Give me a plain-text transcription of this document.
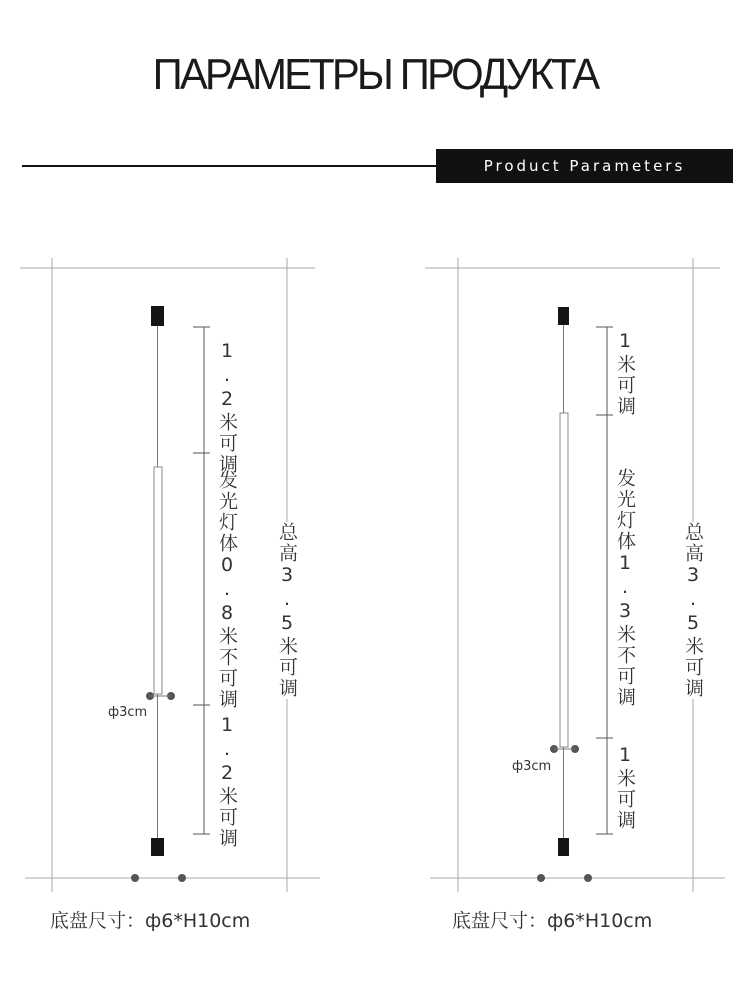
ПАРАМЕТРЫ ПРОДУКТА
Product Parameters
1.2米可调
发光灯体0.8米不可调
1.2米可调
总高3.5米可调
ф3cm
底盘尺寸：ф6*H10cm
1米可调
发光灯体1.3米不可调
1米可调
总高3.5米可调
ф3cm
底盘尺寸：ф6*H10cm
